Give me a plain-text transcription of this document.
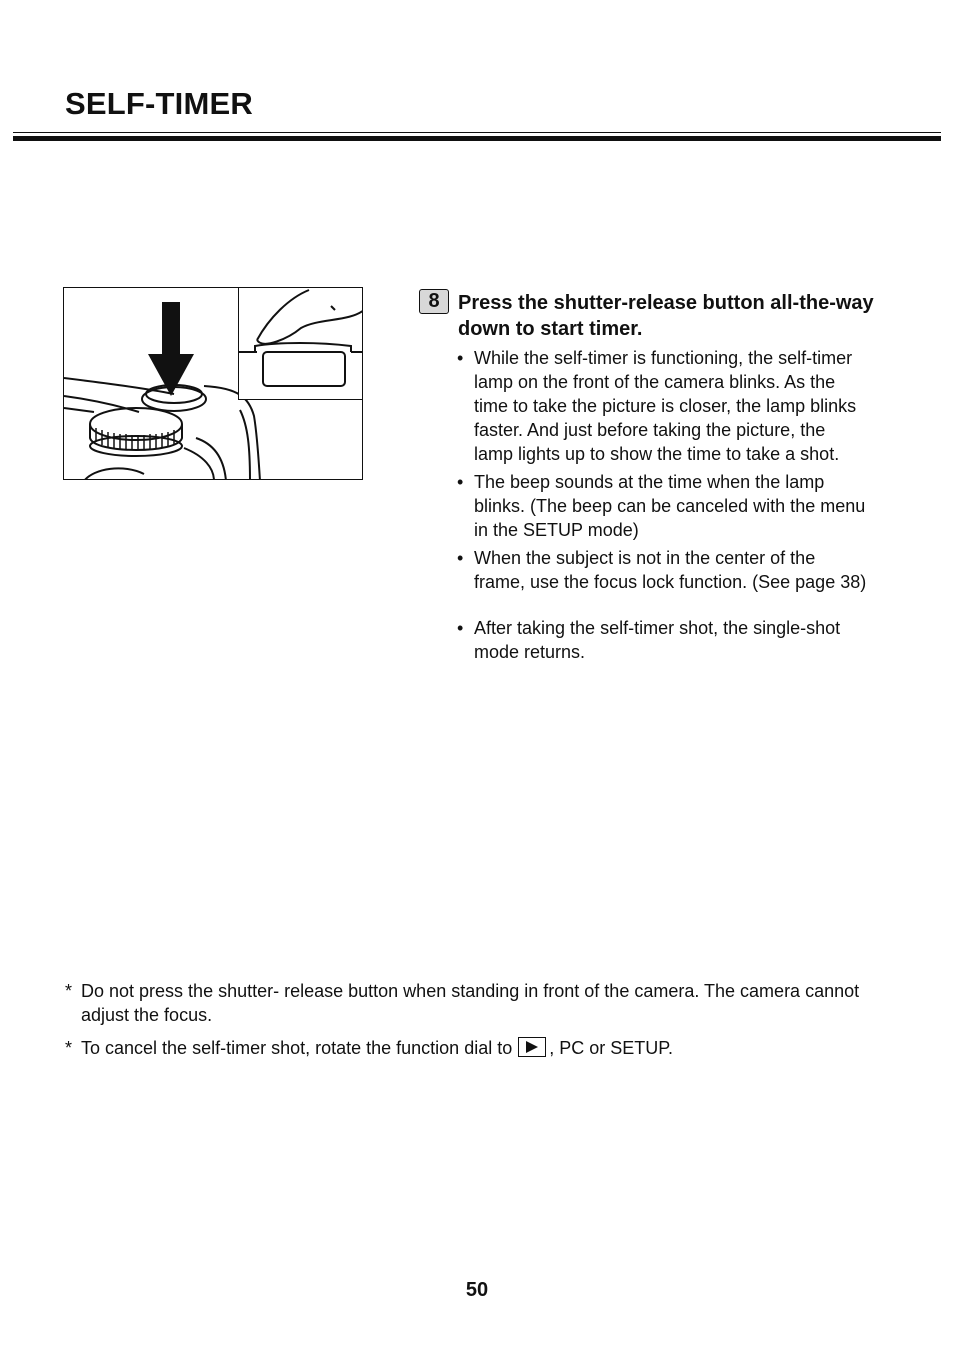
SELF-TIMER
8 Press the shutter-release button all-the-way down to start timer.

• While the self-timer is functioning, the self-timer lamp on the front of the camera blinks. As the time to take the picture is closer, the lamp blinks faster. And just before taking the picture, the lamp lights up to show the time to take a shot.
• The beep sounds at the time when the lamp blinks. (The beep can be canceled with the menu in the SETUP mode)
• When the subject is not in the center of the frame, use the focus lock function. (See page 38)
• After taking the self-timer shot, the single-shot mode returns.
* Do not press the shutter- release button when standing in front of the camera. The camera cannot adjust the focus.
* To cancel the self-timer shot, rotate the function dial to , PC or SETUP.
50
